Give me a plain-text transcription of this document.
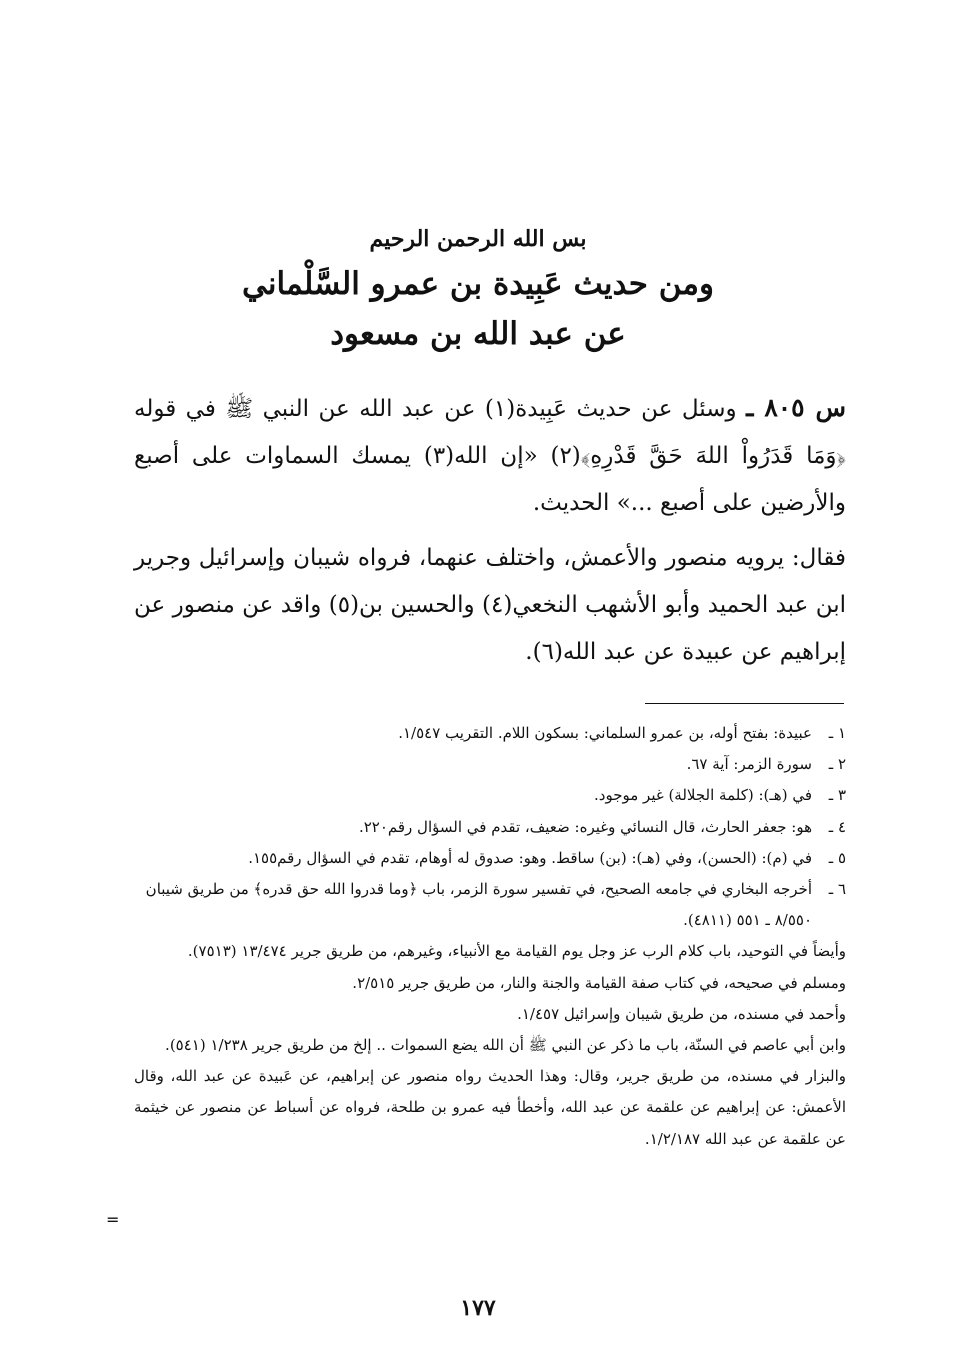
بس الله الرحمن الرحيم
ومن حديث عَبِيدة بن عمرو السَّلْماني
عن عبد الله بن مسعود

س ٨٠٥ ـ وسئل عن حديث عَبِيدة(١) عن عبد الله عن النبي ﷺ في قوله ﴿وَمَا قَدَرُواْ اللهَ حَقَّ قَدْرِهِ﴾(٢) «إن الله(٣) يمسك السماوات على أصبع والأرضين على أصبع ...» الحديث.

فقال: يرويه منصور والأعمش، واختلف عنهما، فرواه شيبان وإسرائيل وجرير ابن عبد الحميد وأبو الأشهب النخعي(٤) والحسين بن(٥) واقد عن منصور عن إبراهيم عن عبيدة عن عبد الله(٦).

١ ـ
عبيدة: بفتح أوله، بن عمرو السلماني: بسكون اللام. التقريب ١/٥٤٧.

٢ ـ
سورة الزمر: آية ٦٧.

٣ ـ
في (هـ): (كلمة الجلالة) غير موجود.

٤ ـ
هو: جعفر الحارث، قال النسائي وغيره: ضعيف، تقدم في السؤال رقم٢٢٠.

٥ ـ
في (م): (الحسن)، وفي (هـ): (بن) ساقط. وهو: صدوق له أوهام، تقدم في السؤال رقم١٥٥.

٦ ـ
أخرجه البخاري في جامعه الصحيح، في تفسير سورة الزمر، باب ﴿وما قدروا الله حق قدره﴾ من طريق شيبان ٨/٥٥٠ ـ ٥٥١ (٤٨١١).

وأيضاً في التوحيد، باب كلام الرب عز وجل يوم القيامة مع الأنبياء، وغيرهم، من طريق جرير ١٣/٤٧٤ (٧٥١٣).

ومسلم في صحيحه، في كتاب صفة القيامة والجنة والنار، من طريق جرير ٢/٥١٥.

وأحمد في مسنده، من طريق شيبان وإسرائيل ١/٤٥٧.

وابن أبي عاصم في السنّة، باب ما ذكر عن النبي ﷺ أن الله يضع السموات .. إلخ من طريق جرير ١/٢٣٨ (٥٤١).

والبزار في مسنده، من طريق جرير، وقال: وهذا الحديث رواه منصور عن إبراهيم، عن عَبيدة عن عبد الله، وقال الأعمش: عن إبراهيم عن علقمة عن عبد الله، وأخطأ فيه عمرو بن طلحة، فرواه عن أسباط عن منصور عن خيثمة عن علقمة عن عبد الله ١/٢/١٨٧.

=
١٧٧
